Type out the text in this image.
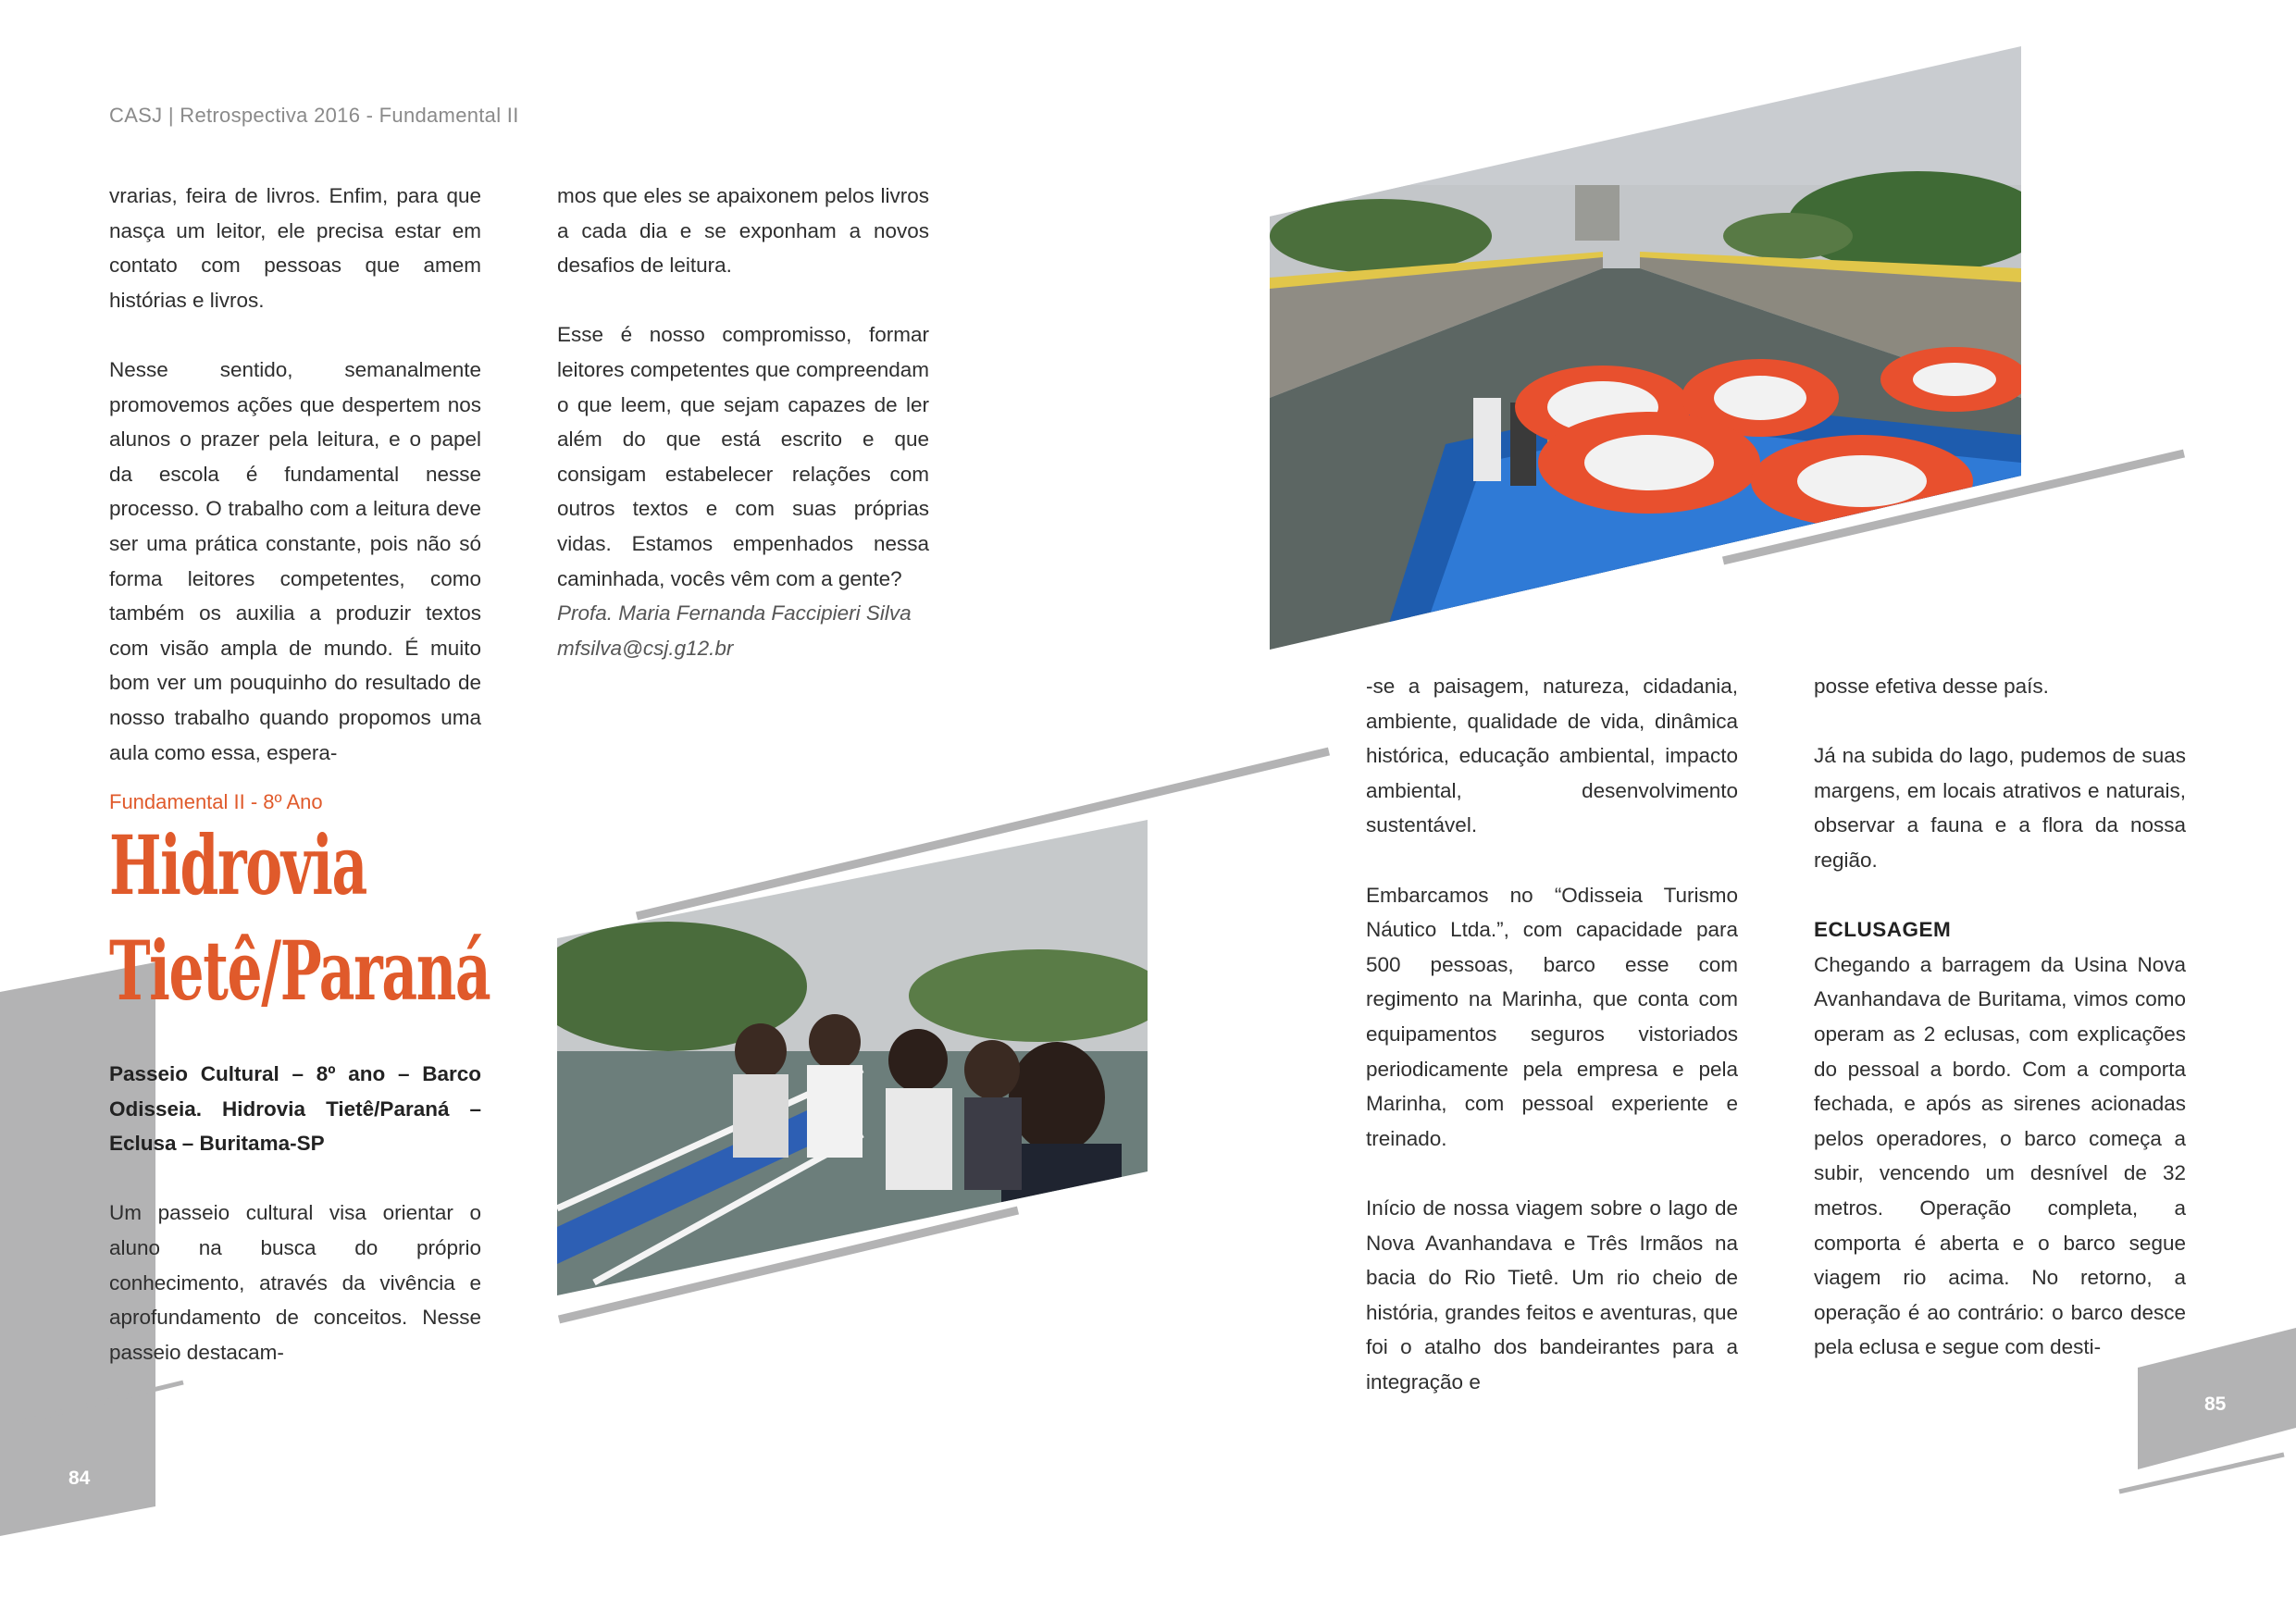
CASJ | Retrospectiva 2016 - Fundamental II

vrarias, feira de livros. Enfim, para que nasça um leitor, ele precisa estar em contato com pessoas que amem histórias e livros.

Nesse sentido, semanalmente promovemos ações que despertem nos alunos o prazer pela leitura, e o papel da escola é fundamental nesse processo. O trabalho com a leitura deve ser uma prática constante, pois não só forma leitores competentes, como também os auxilia a produzir textos com visão ampla de mundo. É muito bom ver um pouquinho do resultado de nosso trabalho quando propomos uma aula como essa, espera-

mos que eles se apaixonem pelos livros a cada dia e se exponham a novos desafios de leitura.

Esse é nosso compromisso, formar leitores competentes que compreendam o que leem, que sejam capazes de ler além do que está escrito e que consigam estabelecer relações com outros textos e com suas próprias vidas. Estamos empenhados nessa caminhada, vocês vêm com a gente?

Profa. Maria Fernanda Faccipieri Silva
mfsilva@csj.g12.br
Fundamental II - 8º Ano
Hidrovia
Tietê/Paraná

Passeio Cultural – 8º ano – Barco Odisseia. Hidrovia Tietê/Paraná – Eclusa – Buritama-SP

Um passeio cultural visa orientar o aluno na busca do próprio conhecimento, através da vivência e aprofundamento de conceitos. Nesse passeio destacam-

-se a paisagem, natureza, cidadania, ambiente, qualidade de vida, dinâmica histórica, educação ambiental, impacto ambiental, desenvolvimento sustentável.

Embarcamos no “Odisseia Turismo Náutico Ltda.”, com capacidade para 500 pessoas, barco esse com regimento na Marinha, que conta com equipamentos seguros vistoriados periodicamente pela empresa e pela Marinha, com pessoal experiente e treinado.

Início de nossa viagem sobre o lago de Nova Avanhandava e Três Irmãos na bacia do Rio Tietê. Um rio cheio de história, grandes feitos e aventuras, que foi o atalho dos bandeirantes para a integração e

posse efetiva desse país.

Já na subida do lago, pudemos de suas margens, em locais atrativos e naturais, observar a fauna e a flora da nossa região.

ECLUSAGEM

Chegando a barragem da Usina Nova Avanhandava de Buritama, vimos como operam as 2 eclusas, com explicações do pessoal a bordo. Com a comporta fechada, e após as sirenes acionadas pelos operadores, o barco começa a subir, vencendo um desnível de 32 metros. Operação completa, a comporta é aberta e o barco segue viagem rio acima. No retorno, a operação é ao contrário: o barco desce pela eclusa e segue com desti-

84
85
